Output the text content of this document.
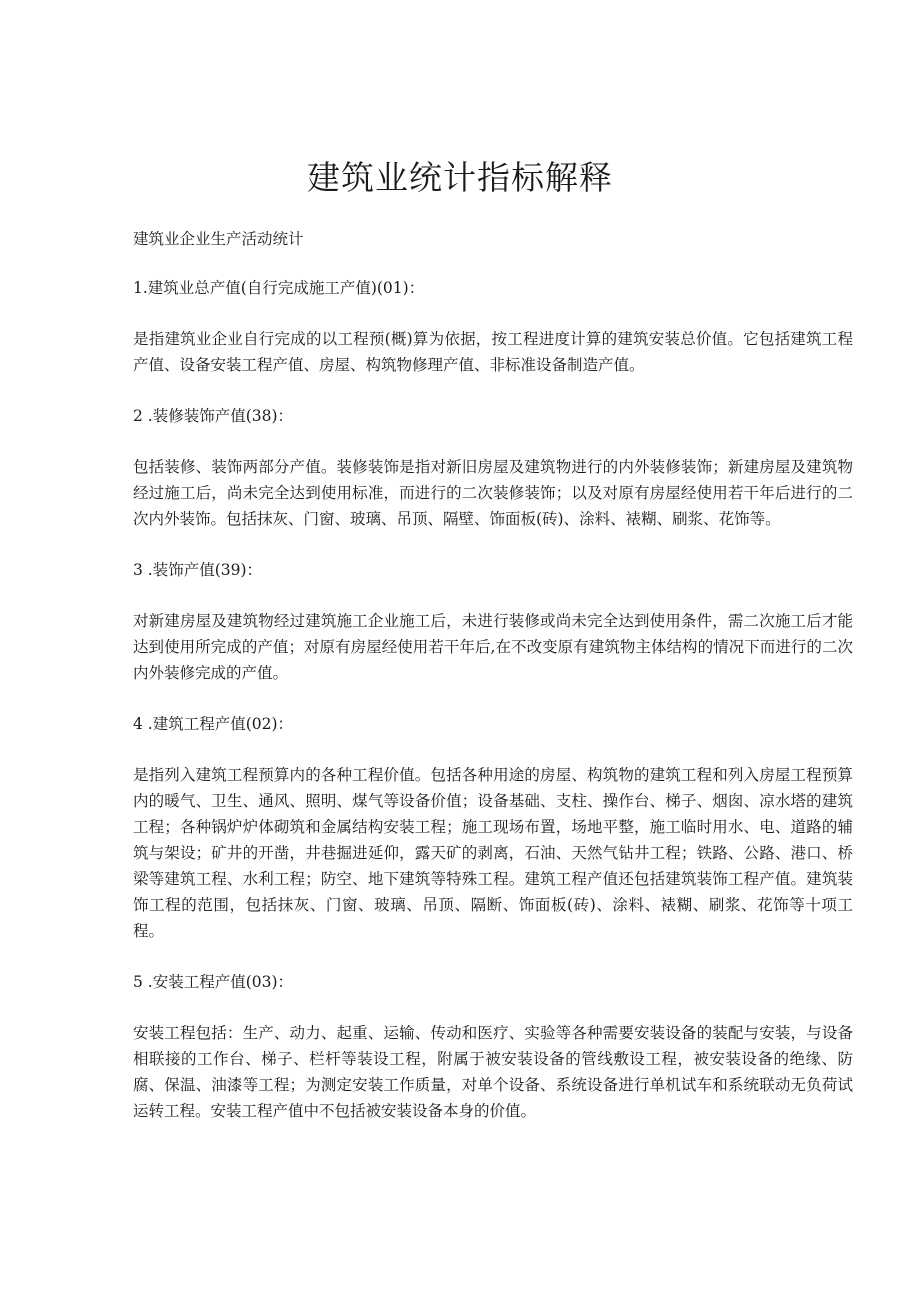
建筑业统计指标解释

建筑业企业生产活动统计

1.建筑业总产值(自行完成施工产值)(01)：

是指建筑业企业自行完成的以工程预(概)算为依据，按工程进度计算的建筑安装总价值。它包括建筑工程产值、设备安装工程产值、房屋、构筑物修理产值、非标准设备制造产值。

2 .装修装饰产值(38)：

包括装修、装饰两部分产值。装修装饰是指对新旧房屋及建筑物进行的内外装修装饰；新建房屋及建筑物经过施工后，尚未完全达到使用标准，而进行的二次装修装饰；以及对原有房屋经使用若干年后进行的二次内外装饰。包括抹灰、门窗、玻璃、吊顶、隔壁、饰面板(砖)、涂料、裱糊、刷浆、花饰等。

3 .装饰产值(39)：

对新建房屋及建筑物经过建筑施工企业施工后，未进行装修或尚未完全达到使用条件，需二次施工后才能达到使用所完成的产值；对原有房屋经使用若干年后,在不改变原有建筑物主体结构的情况下而进行的二次内外装修完成的产值。

4 .建筑工程产值(02)：

是指列入建筑工程预算内的各种工程价值。包括各种用途的房屋、构筑物的建筑工程和列入房屋工程预算内的暖气、卫生、通风、照明、煤气等设备价值；设备基础、支柱、操作台、梯子、烟囱、凉水塔的建筑工程；各种锅炉炉体砌筑和金属结构安装工程；施工现场布置，场地平整，施工临时用水、电、道路的辅筑与架设；矿井的开凿，井巷掘进延仰，露天矿的剥离，石油、天然气钻井工程；铁路、公路、港口、桥梁等建筑工程、水利工程；防空、地下建筑等特殊工程。建筑工程产值还包括建筑装饰工程产值。建筑装饰工程的范围，包括抹灰、门窗、玻璃、吊顶、隔断、饰面板(砖)、涂料、裱糊、刷浆、花饰等十项工程。

5 .安装工程产值(03)：

安装工程包括：生产、动力、起重、运输、传动和医疗、实验等各种需要安装设备的装配与安装，与设备相联接的工作台、梯子、栏杆等装设工程，附属于被安装设备的管线敷设工程，被安装设备的绝缘、防腐、保温、油漆等工程；为测定安装工作质量，对单个设备、系统设备进行单机试车和系统联动无负荷试运转工程。安装工程产值中不包括被安装设备本身的价值。
